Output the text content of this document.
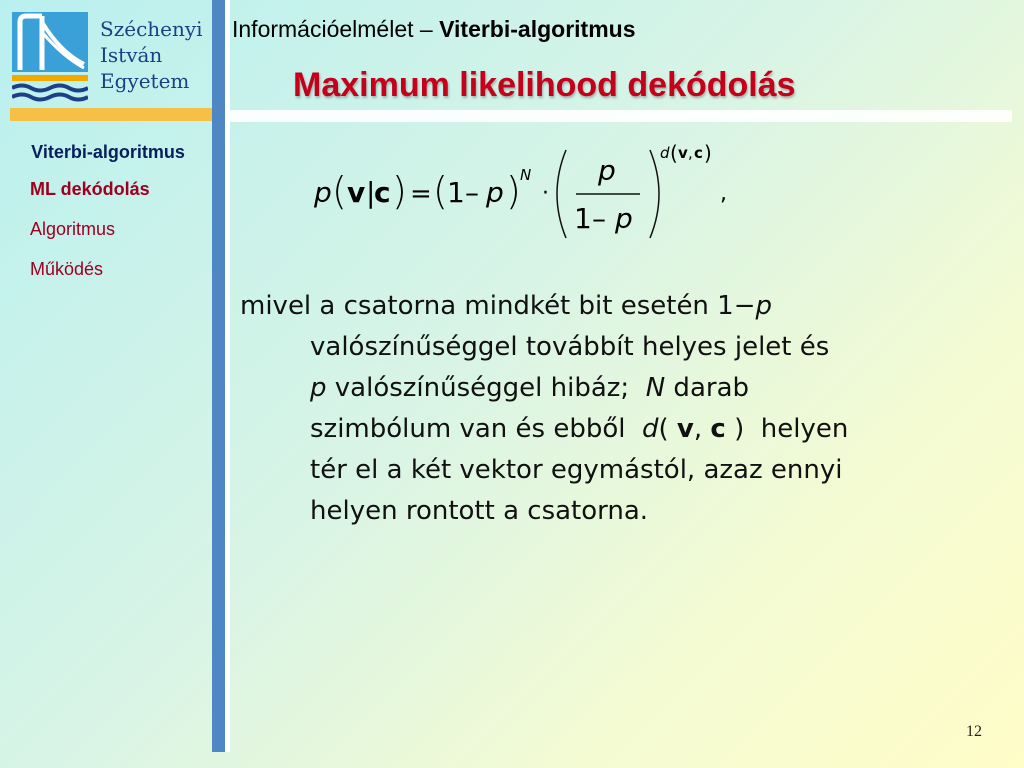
Széchenyi
István
Egyetem
Információelmélet – Viterbi-algoritmus
Maximum likelihood dekódolás
Viterbi-algoritmus
ML dekódolás
Algoritmus
Működés
p ( v |
c ) = ( 1 – p ) N
·
p
1 – p
d ( v , c )
,
mivel a csatorna mindkét bit esetén 1−p
valószínűséggel továbbít helyes jelet és
p valószínűséggel hibáz;  N darab
szimbólum van és ebből  d( v, c )  helyen
tér el a két vektor egymástól, azaz ennyi
helyen rontott a csatorna.
12
